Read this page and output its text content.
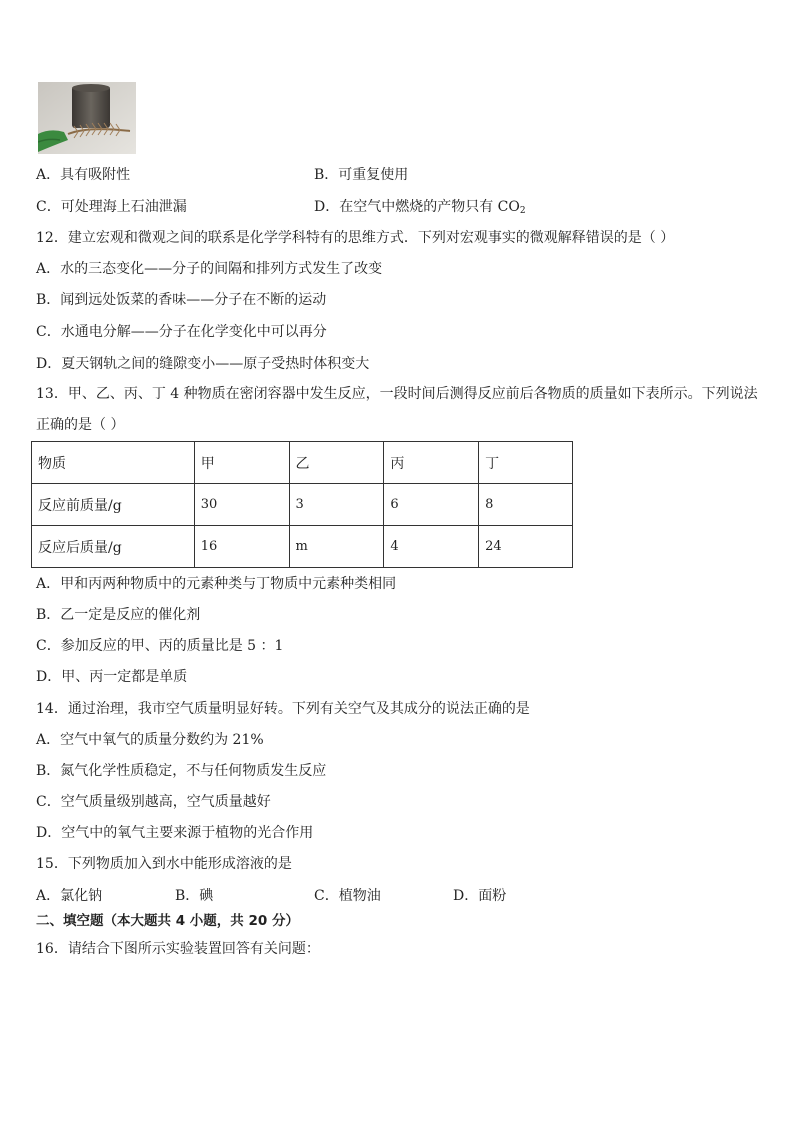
A．具有吸附性	B．可重复使用
C．可处理海上石油泄漏	D．在空气中燃烧的产物只有 $CO_2$
12．建立宏观和微观之间的联系是化学学科特有的思维方式．下列对宏观事实的微观解释错误的是（ ）
A．水的三态变化——分子的间隔和排列方式发生了改变
B．闻到远处饭菜的香味——分子在不断的运动
C．水通电分解——分子在化学变化中可以再分
D．夏天钢轨之间的缝隙变小——原子受热时体积变大
13．甲、乙、丙、丁 4 种物质在密闭容器中发生反应，一段时间后测得反应前后各物质的质量如下表所示。下列说法
正确的是（ ）
物质	甲	乙	丙	丁
反应前质量/g	30	3	6	8
反应后质量/g	16	m	4	24
A．甲和丙两种物质中的元素种类与丁物质中元素种类相同
B．乙一定是反应的催化剂
C．参加反应的甲、丙的质量比是 5 ：1
D．甲、丙一定都是单质
14．通过治理，我市空气质量明显好转。下列有关空气及其成分的说法正确的是
A．空气中氧气的质量分数约为 21%
B．氮气化学性质稳定，不与任何物质发生反应
C．空气质量级别越高，空气质量越好
D．空气中的氧气主要来源于植物的光合作用
15．下列物质加入到水中能形成溶液的是
A．氯化钠	B．碘	C．植物油	D．面粉
二、填空题（本大题共 4 小题，共 20 分）
16．请结合下图所示实验装置回答有关问题：
